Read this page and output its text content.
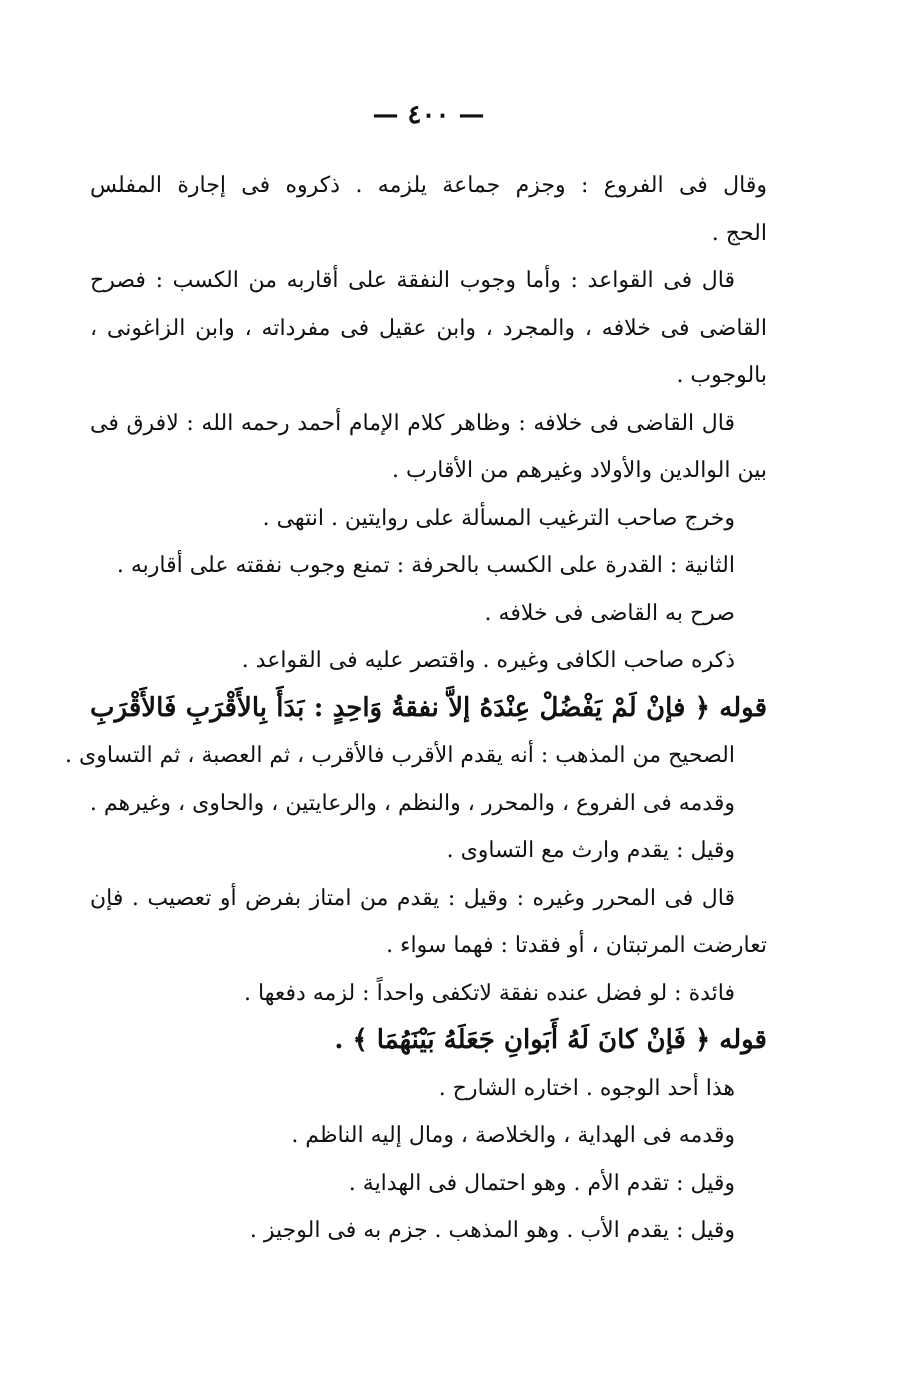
— ٤٠٠ —
وقال فى الفروع : وجزم جماعة يلزمه . ذكروه فى إجارة المفلس
الحج .
قال فى القواعد : وأما وجوب النفقة على أقاربه من الكسب : فصرح
القاضى فى خلافه ، والمجرد ، وابن عقيل فى مفرداته ، وابن الزاغونى ،
بالوجوب .
قال القاضى فى خلافه : وظاهر كلام الإمام أحمد رحمه الله : لافرق فى
بين الوالدين والأولاد وغيرهم من الأقارب .
وخرج صاحب الترغيب المسألة على روايتين . انتهى .
الثانية : القدرة على الكسب بالحرفة : تمنع وجوب نفقته على أقاربه .
صرح به القاضى فى خلافه .
ذكره صاحب الكافى وغيره . واقتصر عليه فى القواعد .
قوله ﴿ فإنْ لَمْ يَفْضُلْ عِنْدَهُ إلاَّ نفقةُ وَاحِدٍ : بَدَأَ بِالأَقْرَبِ فَالأَقْرَبِ
الصحيح من المذهب : أنه يقدم الأقرب فالأقرب ، ثم العصبة ، ثم التساوى .
وقدمه فى الفروع ، والمحرر ، والنظم ، والرعايتين ، والحاوى ، وغيرهم .
وقيل : يقدم وارث مع التساوى .
قال فى المحرر وغيره : وقيل : يقدم من امتاز بفرض أو تعصيب . فإن
تعارضت المرتبتان ، أو فقدتا : فهما سواء .
فائدة : لو فضل عنده نفقة لاتكفى واحداً : لزمه دفعها .
قوله ﴿ فَإنْ كانَ لَهُ أَبَوانِ جَعَلَهُ بَيْنَهُمَا ﴾ .
هذا أحد الوجوه . اختاره الشارح .
وقدمه فى الهداية ، والخلاصة ، ومال إليه الناظم .
وقيل : تقدم الأم . وهو احتمال فى الهداية .
وقيل : يقدم الأب . وهو المذهب . جزم به فى الوجيز .
